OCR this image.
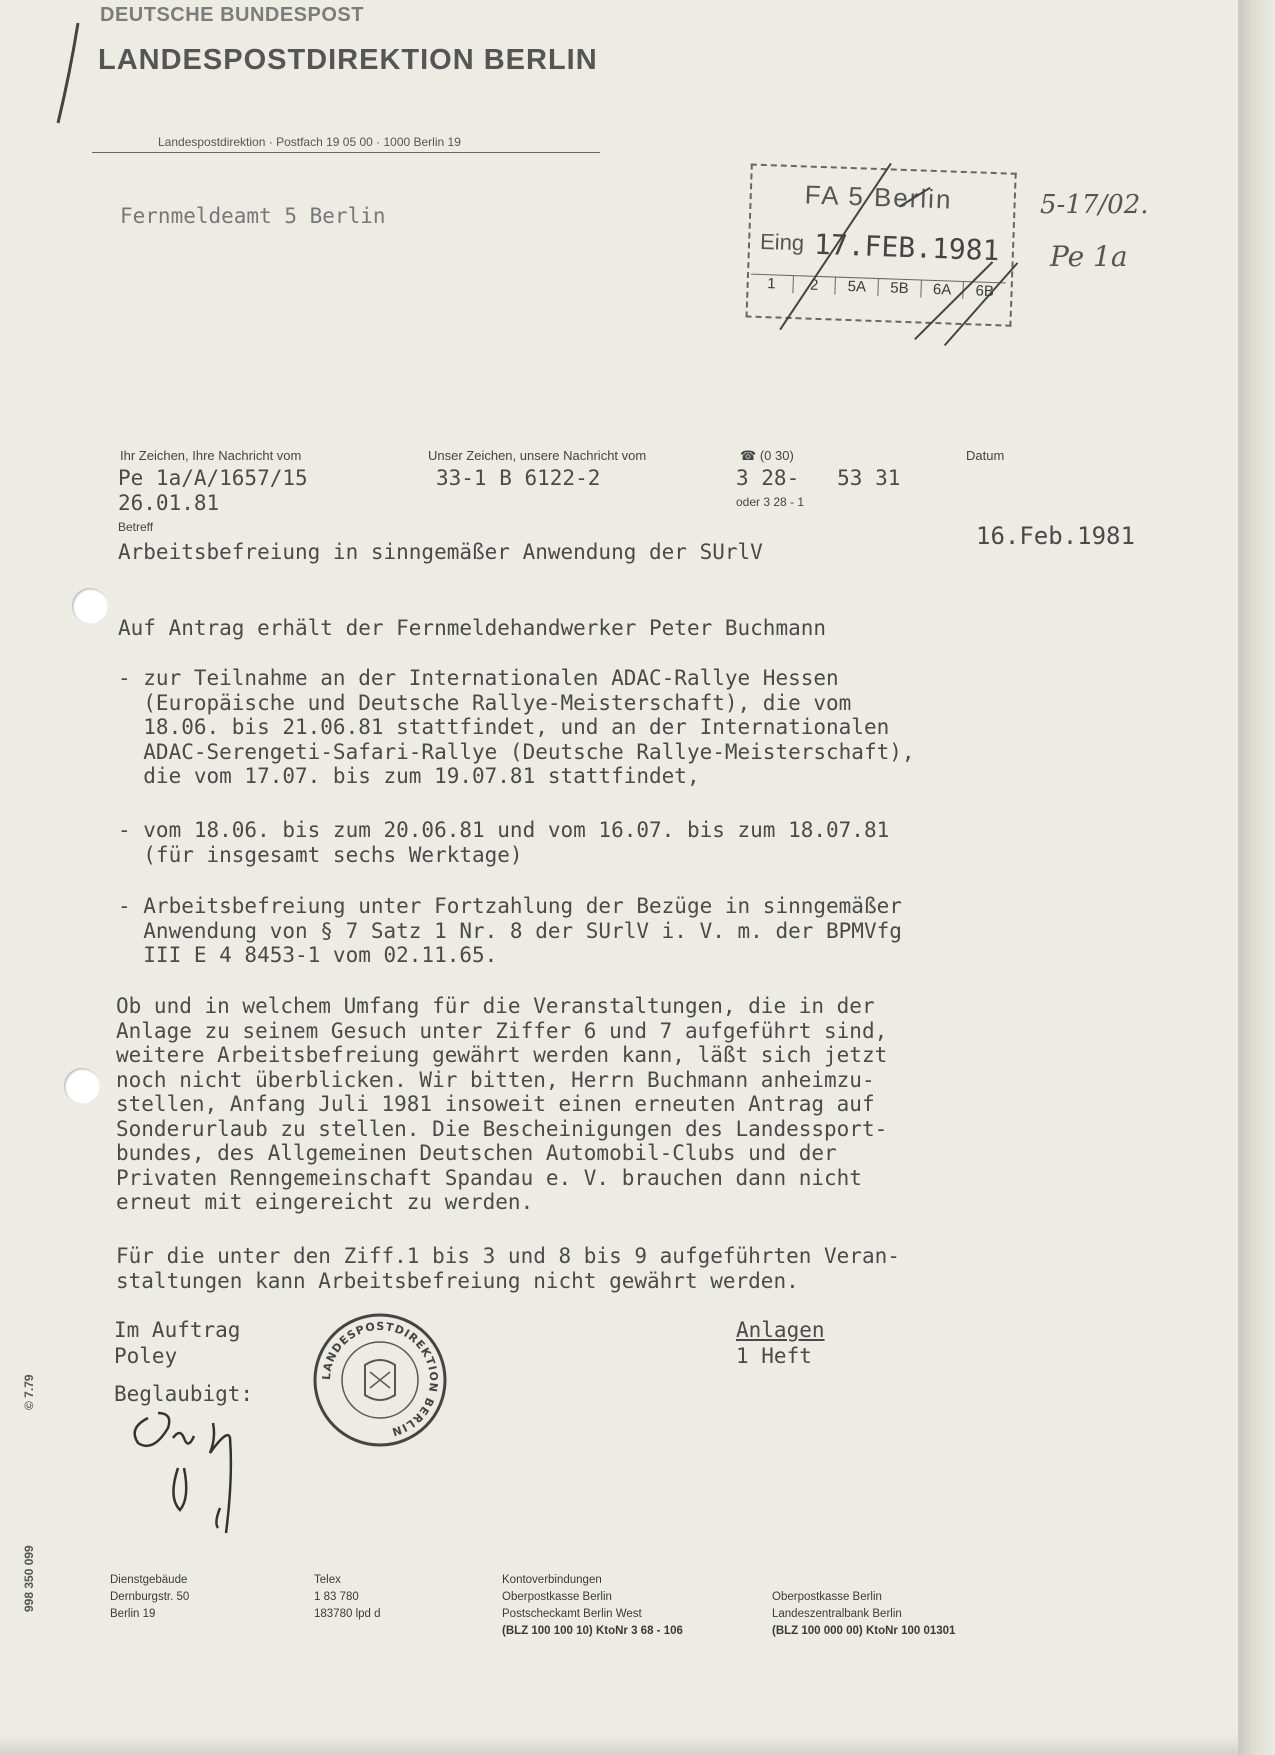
DEUTSCHE BUNDESPOST
LANDESPOSTDIREKTION BERLIN
Landespostdirektion · Postfach 19 05 00 · 1000 Berlin 19
Fernmeldeamt 5 Berlin
FA 5 Berlin
Eing 17.FEB.1981
1	2	5A	5B	6A	6B
5-17/02.
Pe 1a
Ihr Zeichen, Ihre Nachricht vom
Pe 1a/A/1657/15
26.01.81
Unser Zeichen, unsere Nachricht vom
33-1 B 6122-2
☎ (0 30)
3 28-   53 31
oder 3 28 - 1
Datum
16.Feb.1981
Betreff
Arbeitsbefreiung in sinngemäßer Anwendung der SUrlV
Auf Antrag erhält der Fernmeldehandwerker Peter Buchmann
- zur Teilnahme an der Internationalen ADAC-Rallye Hessen
(Europäische und Deutsche Rallye-Meisterschaft), die vom
18.06. bis 21.06.81 stattfindet, und an der Internationalen
ADAC-Serengeti-Safari-Rallye (Deutsche Rallye-Meisterschaft),
die vom 17.07. bis zum 19.07.81 stattfindet,
- vom 18.06. bis zum 20.06.81 und vom 16.07. bis zum 18.07.81
(für insgesamt sechs Werktage)
- Arbeitsbefreiung unter Fortzahlung der Bezüge in sinngemäßer
Anwendung von § 7 Satz 1 Nr. 8 der SUrlV i. V. m. der BPMVfg
III E 4 8453-1 vom 02.11.65.
Ob und in welchem Umfang für die Veranstaltungen, die in der
Anlage zu seinem Gesuch unter Ziffer 6 und 7 aufgeführt sind,
weitere Arbeitsbefreiung gewährt werden kann, läßt sich jetzt
noch nicht überblicken. Wir bitten, Herrn Buchmann anheimzu-
stellen, Anfang Juli 1981 insoweit einen erneuten Antrag auf
Sonderurlaub zu stellen. Die Bescheinigungen des Landessport-
bundes, des Allgemeinen Deutschen Automobil-Clubs und der
Privaten Renngemeinschaft Spandau e. V. brauchen dann nicht
erneut mit eingereicht zu werden.
Für die unter den Ziff.1 bis 3 und 8 bis 9 aufgeführten Veran-
staltungen kann Arbeitsbefreiung nicht gewährt werden.
Im Auftrag
Poley
Beglaubigt:
Anlagen
1 Heft
LANDESPOSTDIREKTION BERLIN
© 7.79
998 350 099	Dienstgebäude
Dernburgstr. 50
Berlin 19
Telex
1 83 780
183780 lpd d
Kontoverbindungen
Oberpostkasse Berlin
Postscheckamt Berlin West
(BLZ 100 100 10) KtoNr 3 68 - 106
Oberpostkasse Berlin
Landeszentralbank Berlin
(BLZ 100 000 00) KtoNr 100 01301
